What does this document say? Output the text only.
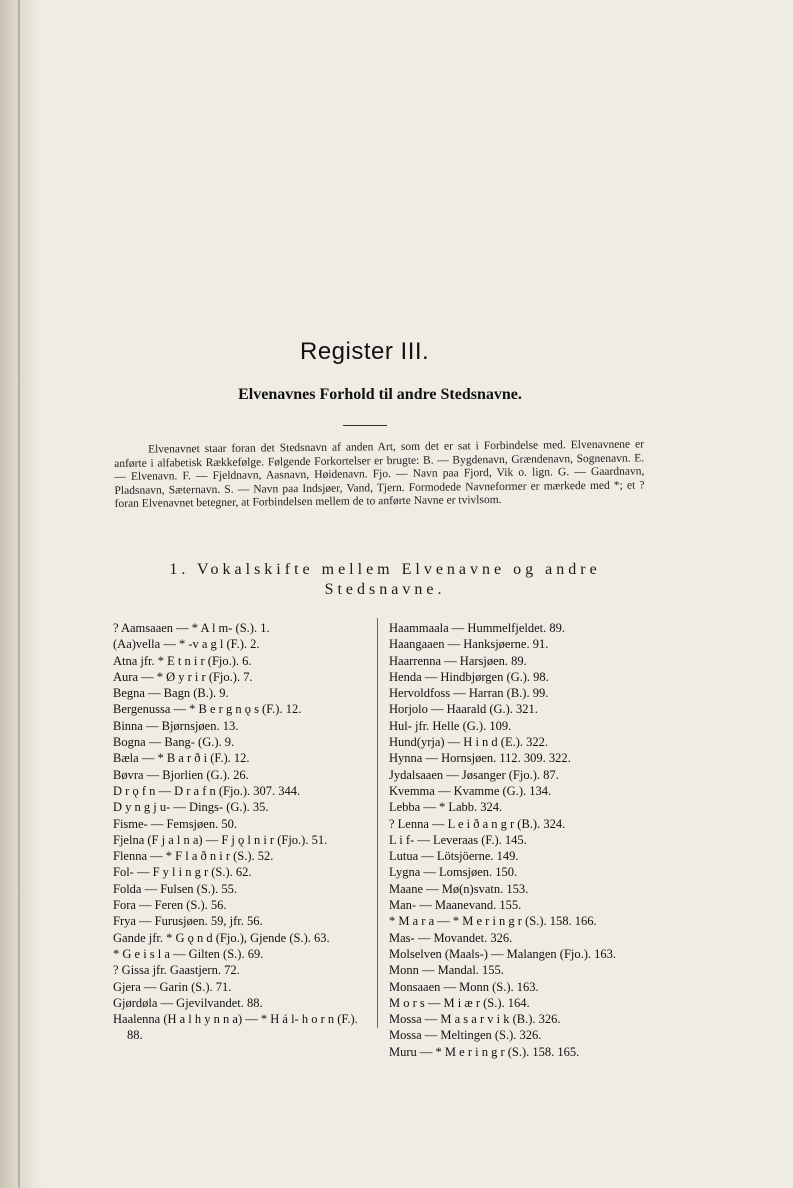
Register III.
Elvenavnes Forhold til andre Stedsnavne.
Elvenavnet staar foran det Stedsnavn af anden Art, som det er sat i Forbindelse med. Elvenavnene er anførte i alfabetisk Rækkefølge. Følgende Forkortelser er brugte: B. — Bygdenavn, Grændenavn, Sognenavn. E. — Elvenavn. F. — Fjeldnavn, Aasnavn, Høidenavn. Fjo. — Navn paa Fjord, Vik o. lign. G. — Gaardnavn, Pladsnavn, Sæternavn. S. — Navn paa Indsjøer, Vand, Tjern. Formodede Navneformer er mærkede med *; et ? foran Elvenavnet betegner, at Forbindelsen mellem de to anførte Navne er tvivlsom.
1. Vokalskifte mellem Elvenavne og andre Stedsnavne.
? Aamsaaen — * A l m- (S.). 1.
(Aa)vella — * -v a g l (F.). 2.
Atna jfr. * E t n i r (Fjo.). 6.
Aura — * Ø y r i r (Fjo.). 7.
Begna — Bagn (B.). 9.
Bergenussa — * B e r g n ǫ s (F.). 12.
Binna — Bjørnsjøen. 13.
Bogna — Bang- (G.). 9.
Bæla — * B a r ð i (F.). 12.
Bøvra — Bjorlien (G.). 26.
D r ǫ f n — D r a f n (Fjo.). 307. 344.
D y n g j u- — Dings- (G.). 35.
Fisme- — Femsjøen. 50.
Fjelna (F j a l n a) — F j ǫ l n i r (Fjo.). 51.
Flenna — * F l a ð n i r (S.). 52.
Fol- — F y l i n g r (S.). 62.
Folda — Fulsen (S.). 55.
Fora — Feren (S.). 56.
Frya — Furusjøen. 59, jfr. 56.
Gande jfr. * G ǫ n d (Fjo.), Gjende (S.). 63.
* G e i s l a — Gilten (S.). 69.
? Gissa jfr. Gaastjern. 72.
Gjera — Garin (S.). 71.
Gjørdøla — Gjevilvandet. 88.
Haalenna (H a l h y n n a) — * H á l- h o r n (F.). 88.
Haammaala — Hummelfjeldet. 89.
Haangaaen — Hanksjøerne. 91.
Haarrenna — Harsjøen. 89.
Henda — Hindbjørgen (G.). 98.
Hervoldfoss — Harran (B.). 99.
Horjolo — Haarald (G.). 321.
Hul- jfr. Helle (G.). 109.
Hund(yrja) — H i n d (E.). 322.
Hynna — Hornsjøen. 112. 309. 322.
Jydalsaaen — Jøsanger (Fjo.). 87.
Kvemma — Kvamme (G.). 134.
Lebba — * Labb. 324.
? Lenna — L e i ð a n g r (B.). 324.
L i f- — Leveraas (F.). 145.
Lutua — Lötsjöerne. 149.
Lygna — Lomsjøen. 150.
Maane — Mø(n)svatn. 153.
Man- — Maanevand. 155.
* M a r a — * M e r i n g r (S.). 158. 166.
Mas- — Movandet. 326.
Molselven (Maals-) — Malangen (Fjo.). 163.
Monn — Mandal. 155.
Monsaaen — Monn (S.). 163.
M o r s — M i æ r (S.). 164.
Mossa — M a s a r v i k (B.). 326.
Mossa — Meltingen (S.). 326.
Muru — * M e r i n g r (S.). 158. 165.
